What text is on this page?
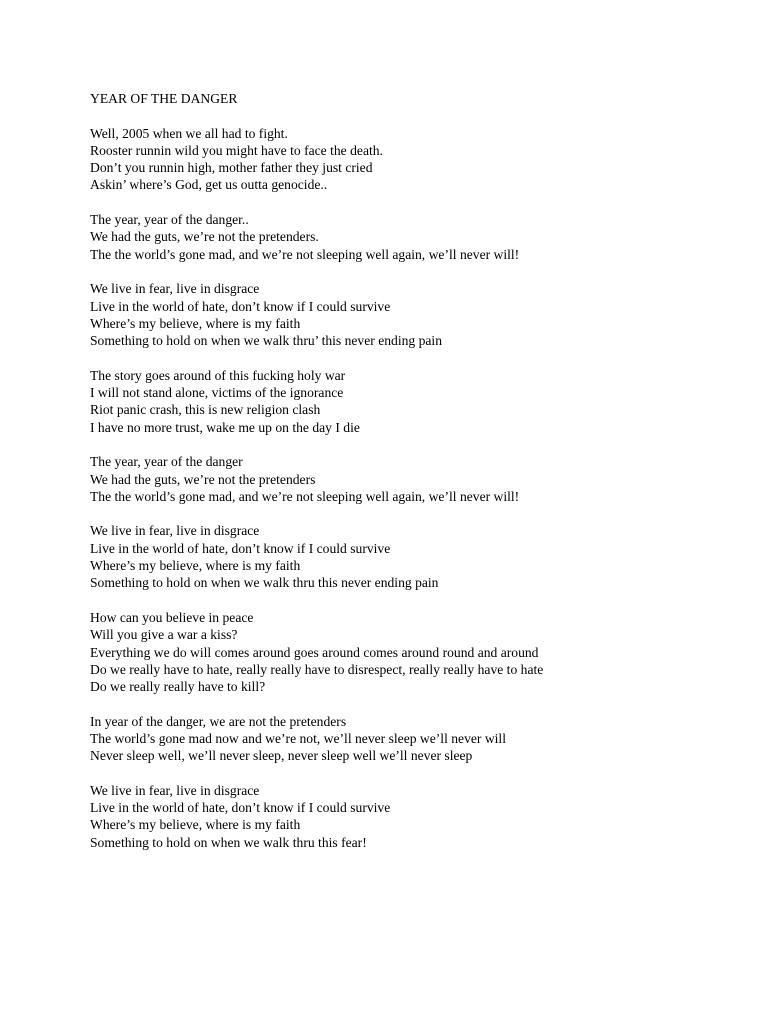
YEAR OF THE DANGER
Well, 2005 when we all had to fight.
Rooster runnin wild you might have to face the death.
Don’t you runnin high, mother father they just cried
Askin’ where’s God, get us outta genocide..
The year, year of the danger..
We had the guts, we’re not the pretenders.
The the world’s gone mad, and we’re not sleeping well again, we’ll never will!
We live in fear, live in disgrace
Live in the world of hate, don’t know if I could survive
Where’s my believe, where is my faith
Something to hold on when we walk thru’ this never ending pain
The story goes around of this fucking holy war
I will not stand alone, victims of the ignorance
Riot panic crash, this is new religion clash
I have no more trust, wake me up on the day I die
The year, year of the danger
We had the guts, we’re not the pretenders
The the world’s gone mad, and we’re not sleeping well again, we’ll never will!
We live in fear, live in disgrace
Live in the world of hate, don’t know if I could survive
Where’s my believe, where is my faith
Something to hold on when we walk thru this never ending pain
How can you believe in peace
Will you give a war a kiss?
Everything we do will comes around goes around comes around round and around
Do we really have to hate, really really have to disrespect, really really have to hate
Do we really really have to kill?
In year of the danger, we are not the pretenders
The world’s gone mad now and we’re not, we’ll never sleep we’ll never will
Never sleep well, we’ll never sleep, never sleep well we’ll never sleep
We live in fear, live in disgrace
Live in the world of hate, don’t know if I could survive
Where’s my believe, where is my faith
Something to hold on when we walk thru this fear!
